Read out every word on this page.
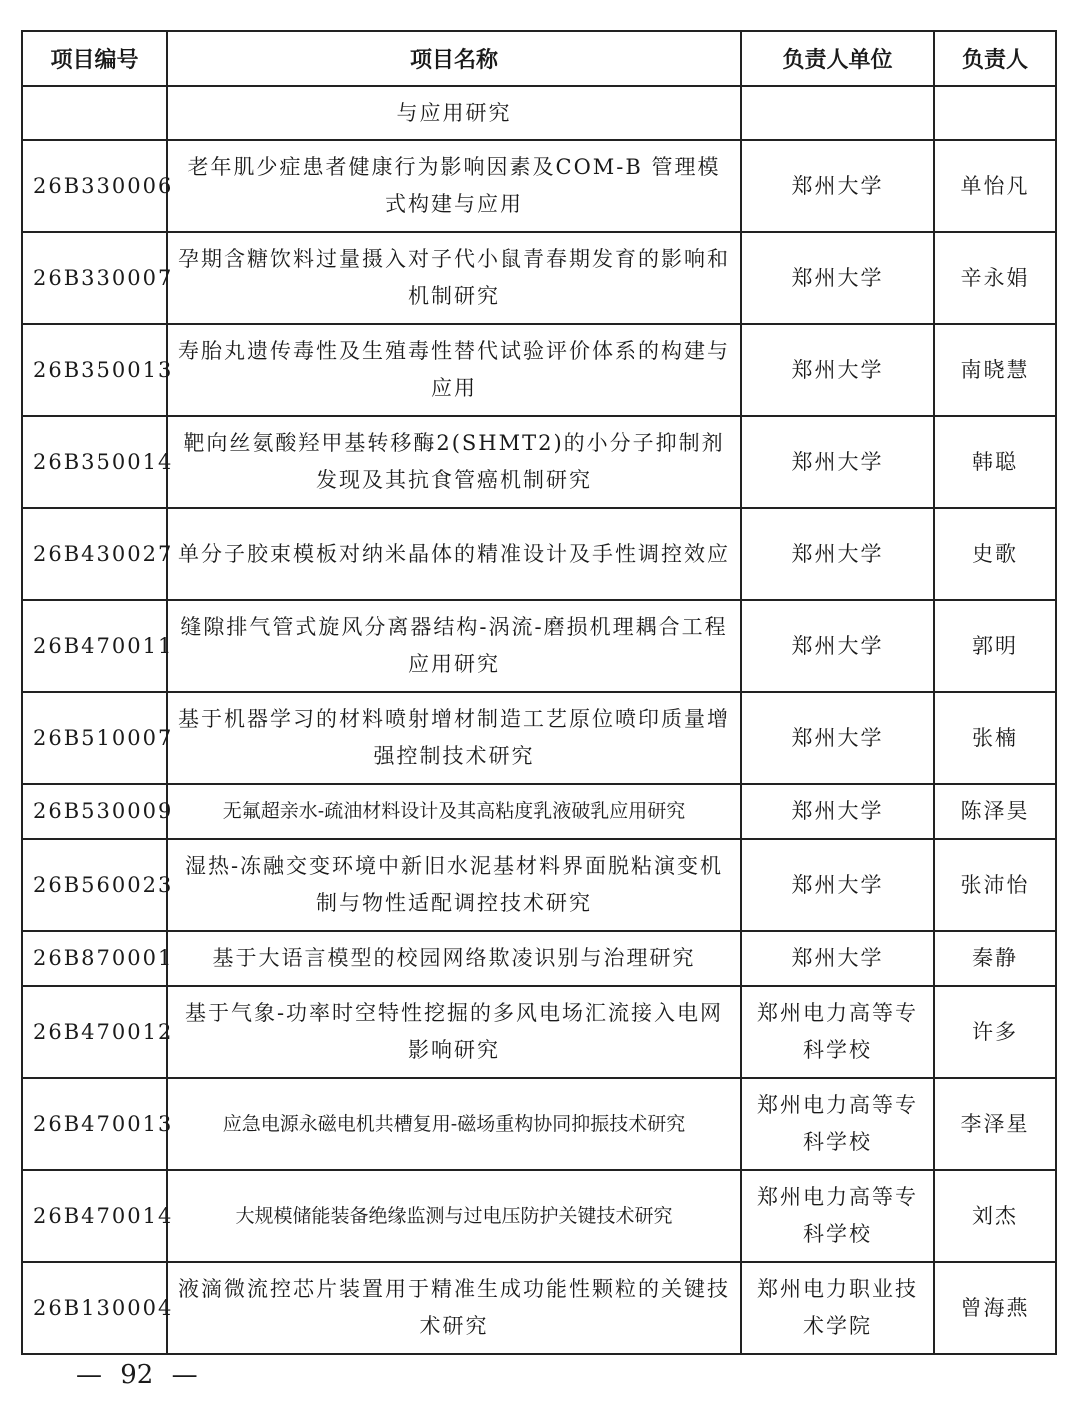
项目编号	项目名称	负责人单位	负责人
	与应用研究		
26B330006	老年肌少症患者健康行为影响因素及COM-B 管理模式构建与应用	郑州大学	单怡凡
26B330007	孕期含糖饮料过量摄入对子代小鼠青春期发育的影响和机制研究	郑州大学	辛永娟
26B350013	寿胎丸遗传毒性及生殖毒性替代试验评价体系的构建与应用	郑州大学	南晓慧
26B350014	靶向丝氨酸羟甲基转移酶2(SHMT2)的小分子抑制剂发现及其抗食管癌机制研究	郑州大学	韩聪
26B430027	单分子胶束模板对纳米晶体的精准设计及手性调控效应	郑州大学	史歌
26B470011	缝隙排气管式旋风分离器结构-涡流-磨损机理耦合工程应用研究	郑州大学	郭明
26B510007	基于机器学习的材料喷射增材制造工艺原位喷印质量增强控制技术研究	郑州大学	张楠
26B530009	无氟超亲水-疏油材料设计及其高粘度乳液破乳应用研究	郑州大学	陈泽昊
26B560023	湿热-冻融交变环境中新旧水泥基材料界面脱粘演变机制与物性适配调控技术研究	郑州大学	张沛怡
26B870001	基于大语言模型的校园网络欺凌识别与治理研究	郑州大学	秦静
26B470012	基于气象-功率时空特性挖掘的多风电场汇流接入电网影响研究	郑州电力高等专科学校	许多
26B470013	应急电源永磁电机共槽复用-磁场重构协同抑振技术研究	郑州电力高等专科学校	李泽星
26B470014	大规模储能装备绝缘监测与过电压防护关键技术研究	郑州电力高等专科学校	刘杰
26B130004	液滴微流控芯片装置用于精准生成功能性颗粒的关键技术研究	郑州电力职业技术学院	曾海燕
— 92 —
